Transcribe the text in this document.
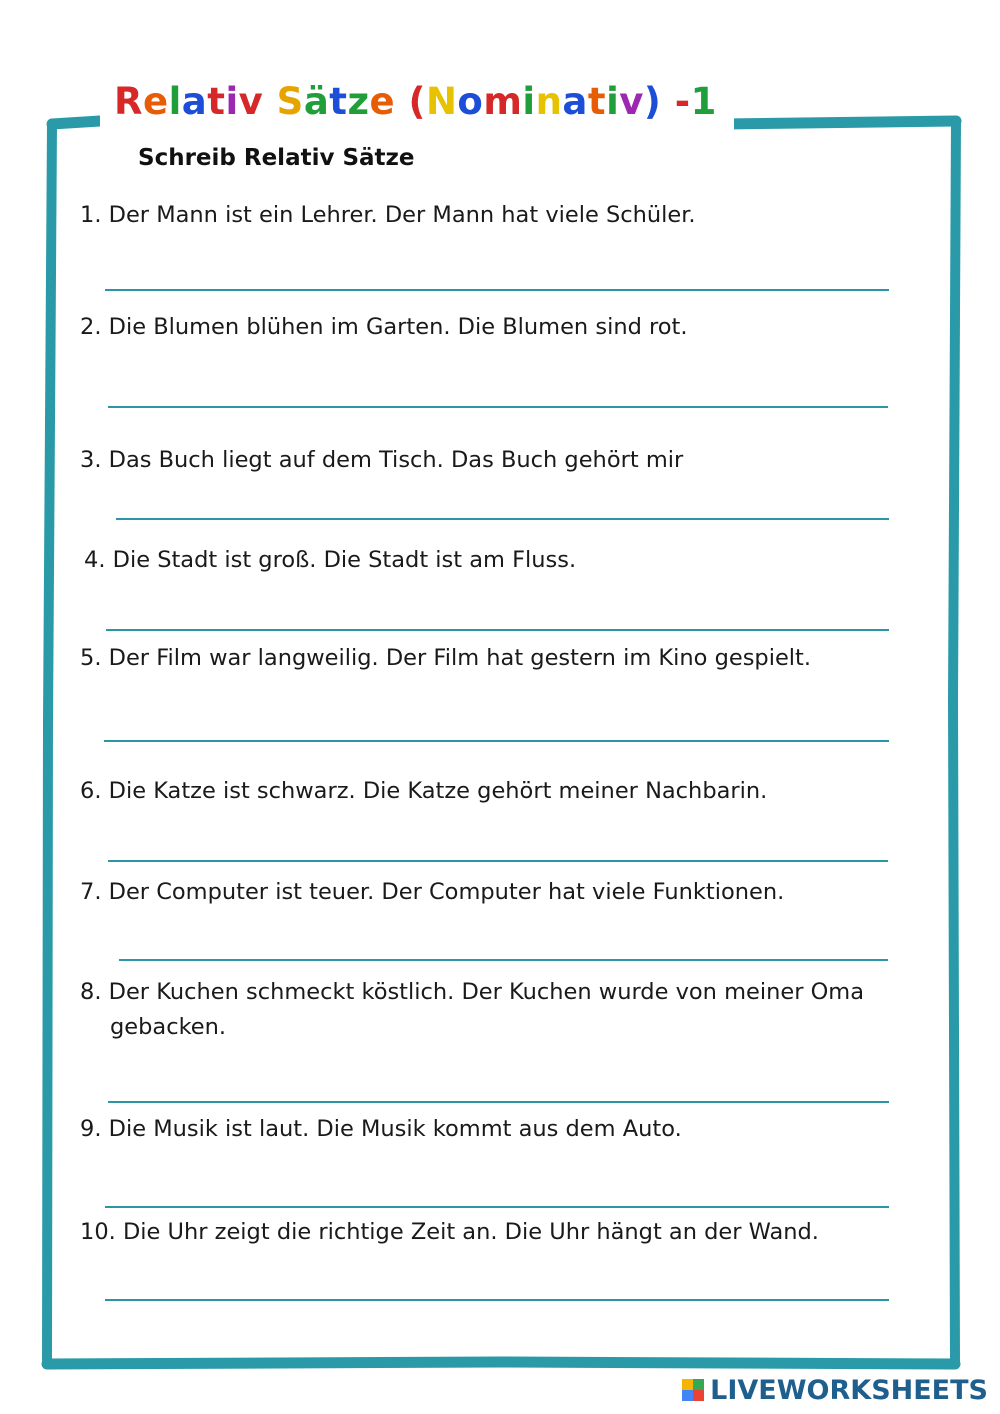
Relativ Sätze (Nominativ) -1
Schreib Relativ Sätze
1. Der Mann ist ein Lehrer. Der Mann hat viele Schüler.
2. Die Blumen blühen im Garten. Die Blumen sind rot.
3. Das Buch liegt auf dem Tisch. Das Buch gehört mir
4. Die Stadt ist groß. Die Stadt ist am Fluss.
5. Der Film war langweilig. Der Film hat gestern im Kino gespielt.
6. Die Katze ist schwarz. Die Katze gehört meiner Nachbarin.
7. Der Computer ist teuer. Der Computer hat viele Funktionen.
8. Der Kuchen schmeckt köstlich. Der Kuchen wurde von meiner Oma gebacken.
9. Die Musik ist laut. Die Musik kommt aus dem Auto.
10. Die Uhr zeigt die richtige Zeit an. Die Uhr hängt an der Wand.
LIVEWORKSHEETS
